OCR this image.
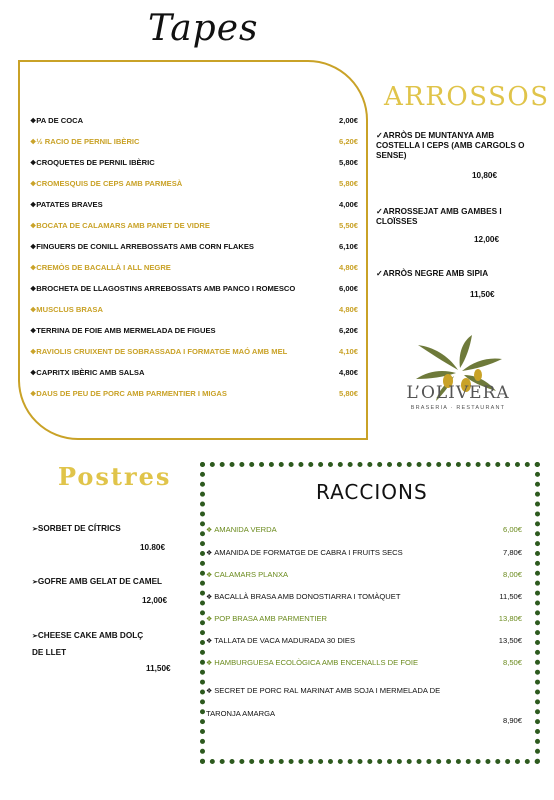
Tapes
❖ PA DE COCA	2,00€
❖ ½ RACIO DE PERNIL IBÈRIC	6,20€
❖ CROQUETES DE PERNIL IBÈRIC	5,80€
❖ CROMESQUIS DE CEPS AMB PARMESÀ	5,80€
❖ PATATES BRAVES	4,00€
❖ BOCATA DE CALAMARS AMB PANET DE VIDRE	5,50€
❖ FINGUERS DE CONILL ARREBOSSATS AMB CORN FLAKES	6,10€
❖ CREMÒS DE BACALLÀ I ALL NEGRE	4,80€
❖ BROCHETA DE LLAGOSTINS ARREBOSSATS AMB PANCO I ROMESCO	6,00€
❖ MUSCLUS BRASA	4,80€
❖ TERRINA DE FOIE AMB MERMELADA DE FIGUES	6,20€
❖ RAVIOLIS CRUIXENT DE SOBRASSADA I FORMATGE MAÓ AMB MEL	4,10€
❖ CAPRITX IBÈRIC AMB SALSA	4,80€
❖ DAUS DE PEU DE PORC AMB PARMENTIER I MIGAS	5,80€
ARROSSOS
✓ ARRÒS DE MUNTANYA AMB COSTELLA I CEPS (AMB CARGOLS O SENSE)
10,80€
✓ ARROSSEJAT AMB GAMBES I CLOÏSSES
12,00€
✓ ARRÒS NEGRE AMB SIPIA
11,50€
L’OLIVERA
BRASERIA · RESTAURANT
Postres
➢ SORBET DE CÍTRICS
10.80€
➢ GOFRE AMB GELAT DE CAMEL
12,00€
➢ CHEESE CAKE AMB DOLÇ DE LLET
11,50€
RACCIONS
❖ AMANIDA VERDA	6,00€
❖ AMANIDA DE FORMATGE DE CABRA I FRUITS SECS	7,80€
❖ CALAMARS PLANXA	8,00€
❖ BACALLÀ BRASA AMB DONOSTIARRA I TOMÀQUET	11,50€
❖ POP BRASA AMB PARMENTIER	13,80€
❖ TALLATA DE VACA MADURADA 30 DIES	13,50€
❖ HAMBURGUESA ECOLÒGICA AMB ENCENALLS DE FOIE	8,50€
❖ SECRET DE PORC RAL MARINAT AMB SOJA I MERMELADA DE TARONJA AMARGA
8,90€
